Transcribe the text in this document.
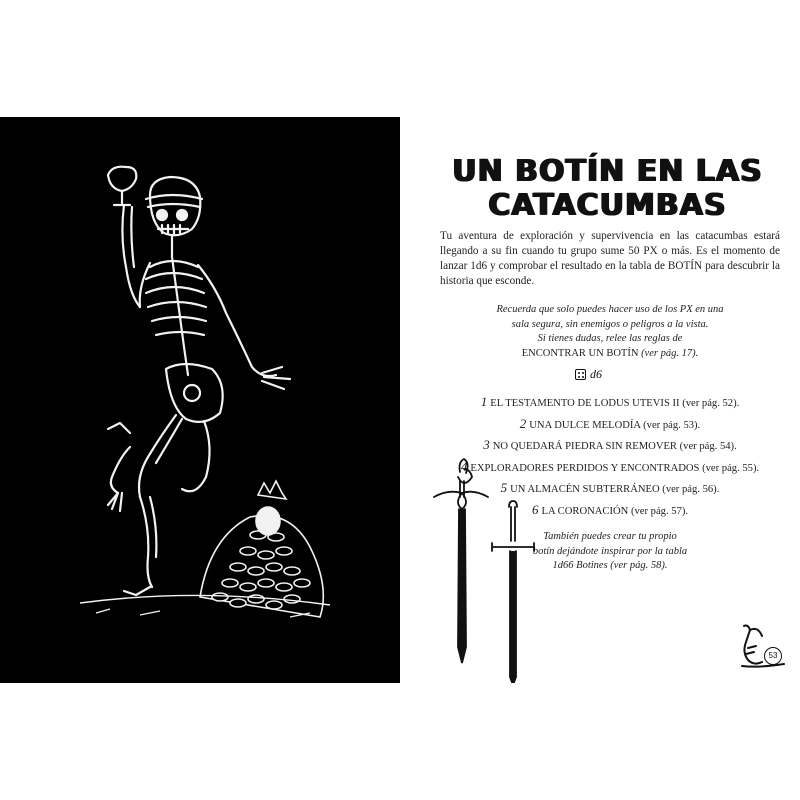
UN BOTÍN EN LAS
CATACUMBAS
Tu aventura de exploración y supervivencia en las catacumbas estará llegando a su fin cuando tu grupo sume 50 PX o más. Es el momento de lanzar 1d6 y comprobar el resultado en la tabla de BOTÍN para descubrir la historia que esconde.
Recuerda que solo puedes hacer uso de los PX en una
sala segura, sin enemigos o peligros a la vista.
Si tienes dudas, relee las reglas de
ENCONTRAR UN BOTÍN (ver pág. 17).
d6
1 EL TESTAMENTO DE LODUS UTEVIS II (ver pág. 52).
2 UNA DULCE MELODÍA (ver pág. 53).
3 NO QUEDARÁ PIEDRA SIN REMOVER (ver pág. 54).
4 EXPLORADORES PERDIDOS Y ENCONTRADOS (ver pág. 55).
5 UN ALMACÉN SUBTERRÁNEO (ver pág. 56).
6 LA CORONACIÓN (ver pág. 57).
También puedes crear tu propio
botín dejándote inspirar por la tabla
1d66 Botines (ver pág. 58).
53
